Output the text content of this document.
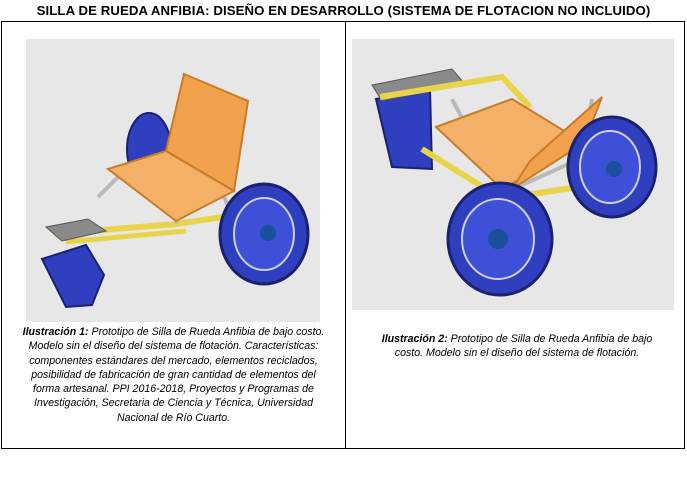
SILLA DE RUEDA ANFIBIA: DISEÑO EN DESARROLLO (SISTEMA DE FLOTACION NO INCLUIDO)
Ilustración 1: Prototipo de Silla de Rueda Anfibia de bajo costo.
Modelo sin el diseño del sistema de flotación. Características:
componentes estándares del mercado, elementos reciclados,
posibilidad de fabricación de gran cantidad de elementos del
forma artesanal. PPI 2016-2018, Proyectos y Programas de
Investigación, Secretaria de Ciencia y Técnica, Universidad
Nacional de Río Cuarto.

Ilustración 2: Prototipo de Silla de Rueda Anfibia de bajo
costo. Modelo sin el diseño del sistema de flotación.
